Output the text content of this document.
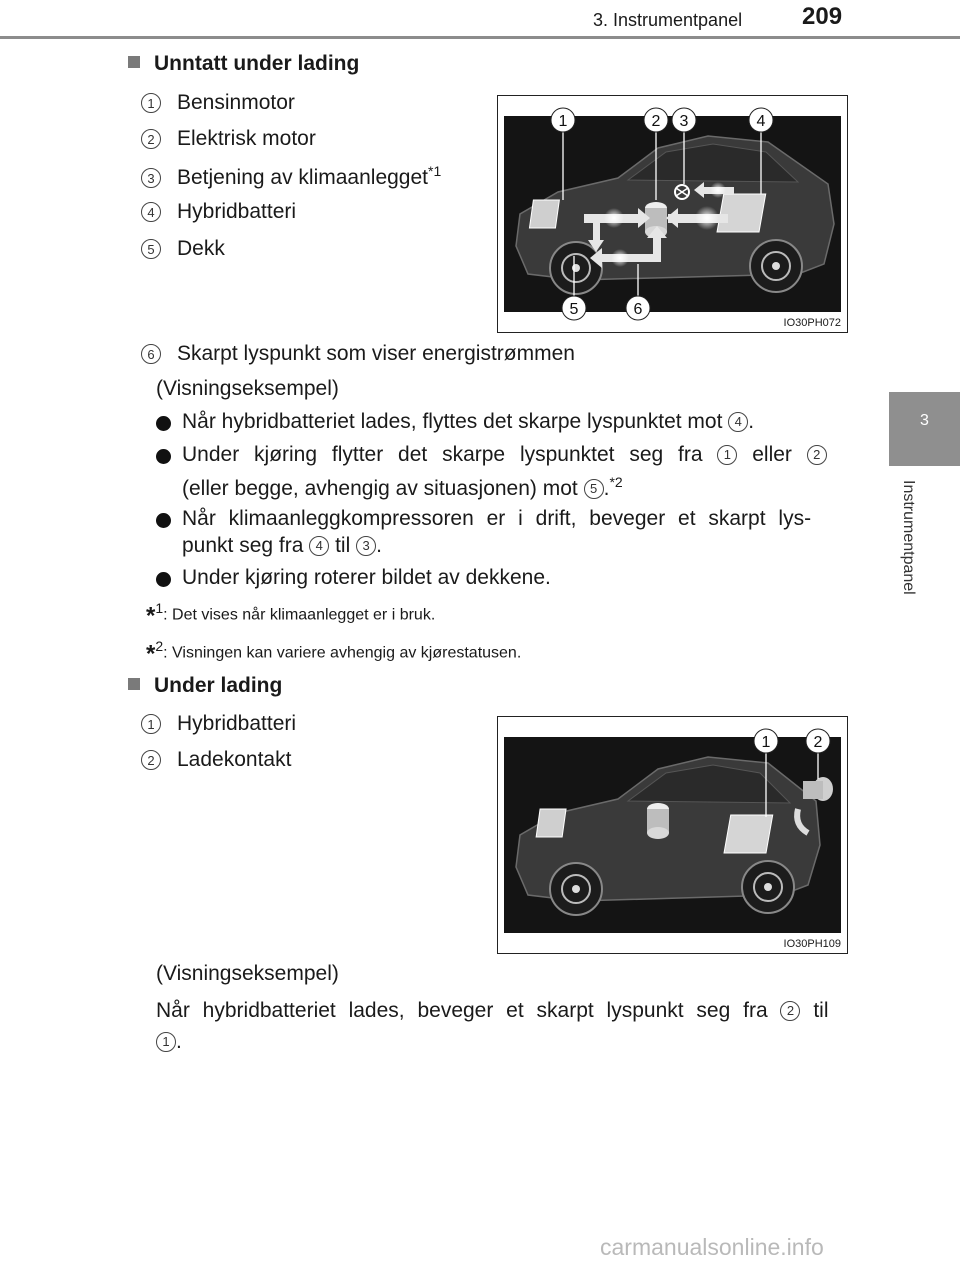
3. Instrumentpanel 209
3
Instrumentpanel
Unntatt under lading
1 Bensinmotor
2 Elektrisk motor
3 Betjening av klimaanlegget$^{*1}$
4 Hybridbatteri
5 Dekk
1	2 3	4
5	6
IO30PH072
6 Skarpt lyspunkt som viser energistrømmen
(Visningseksempel)
Når hybridbatteriet lades, flyttes det skarpe lyspunktet mot 4 .
Under kjøring flytter det skarpe lyspunktet seg fra 1 eller 2
(eller begge, avhengig av situasjonen) mot 5 .$^{*2}$
Når klimaanleggkompressoren er i drift, beveger et skarpt lys-
punkt seg fra 4 til 3 .
Under kjøring roterer bildet av dekkene.
*$^1$: Det vises når klimaanlegget er i bruk.
*$^2$: Visningen kan variere avhengig av kjørestatusen.
Under lading
1 Hybridbatteri
2 Ladekontakt
1	2
IO30PH109
(Visningseksempel)
Når hybridbatteriet lades, beveger et skarpt lyspunkt seg fra 2 til
1 .
carmanualsonline.info
